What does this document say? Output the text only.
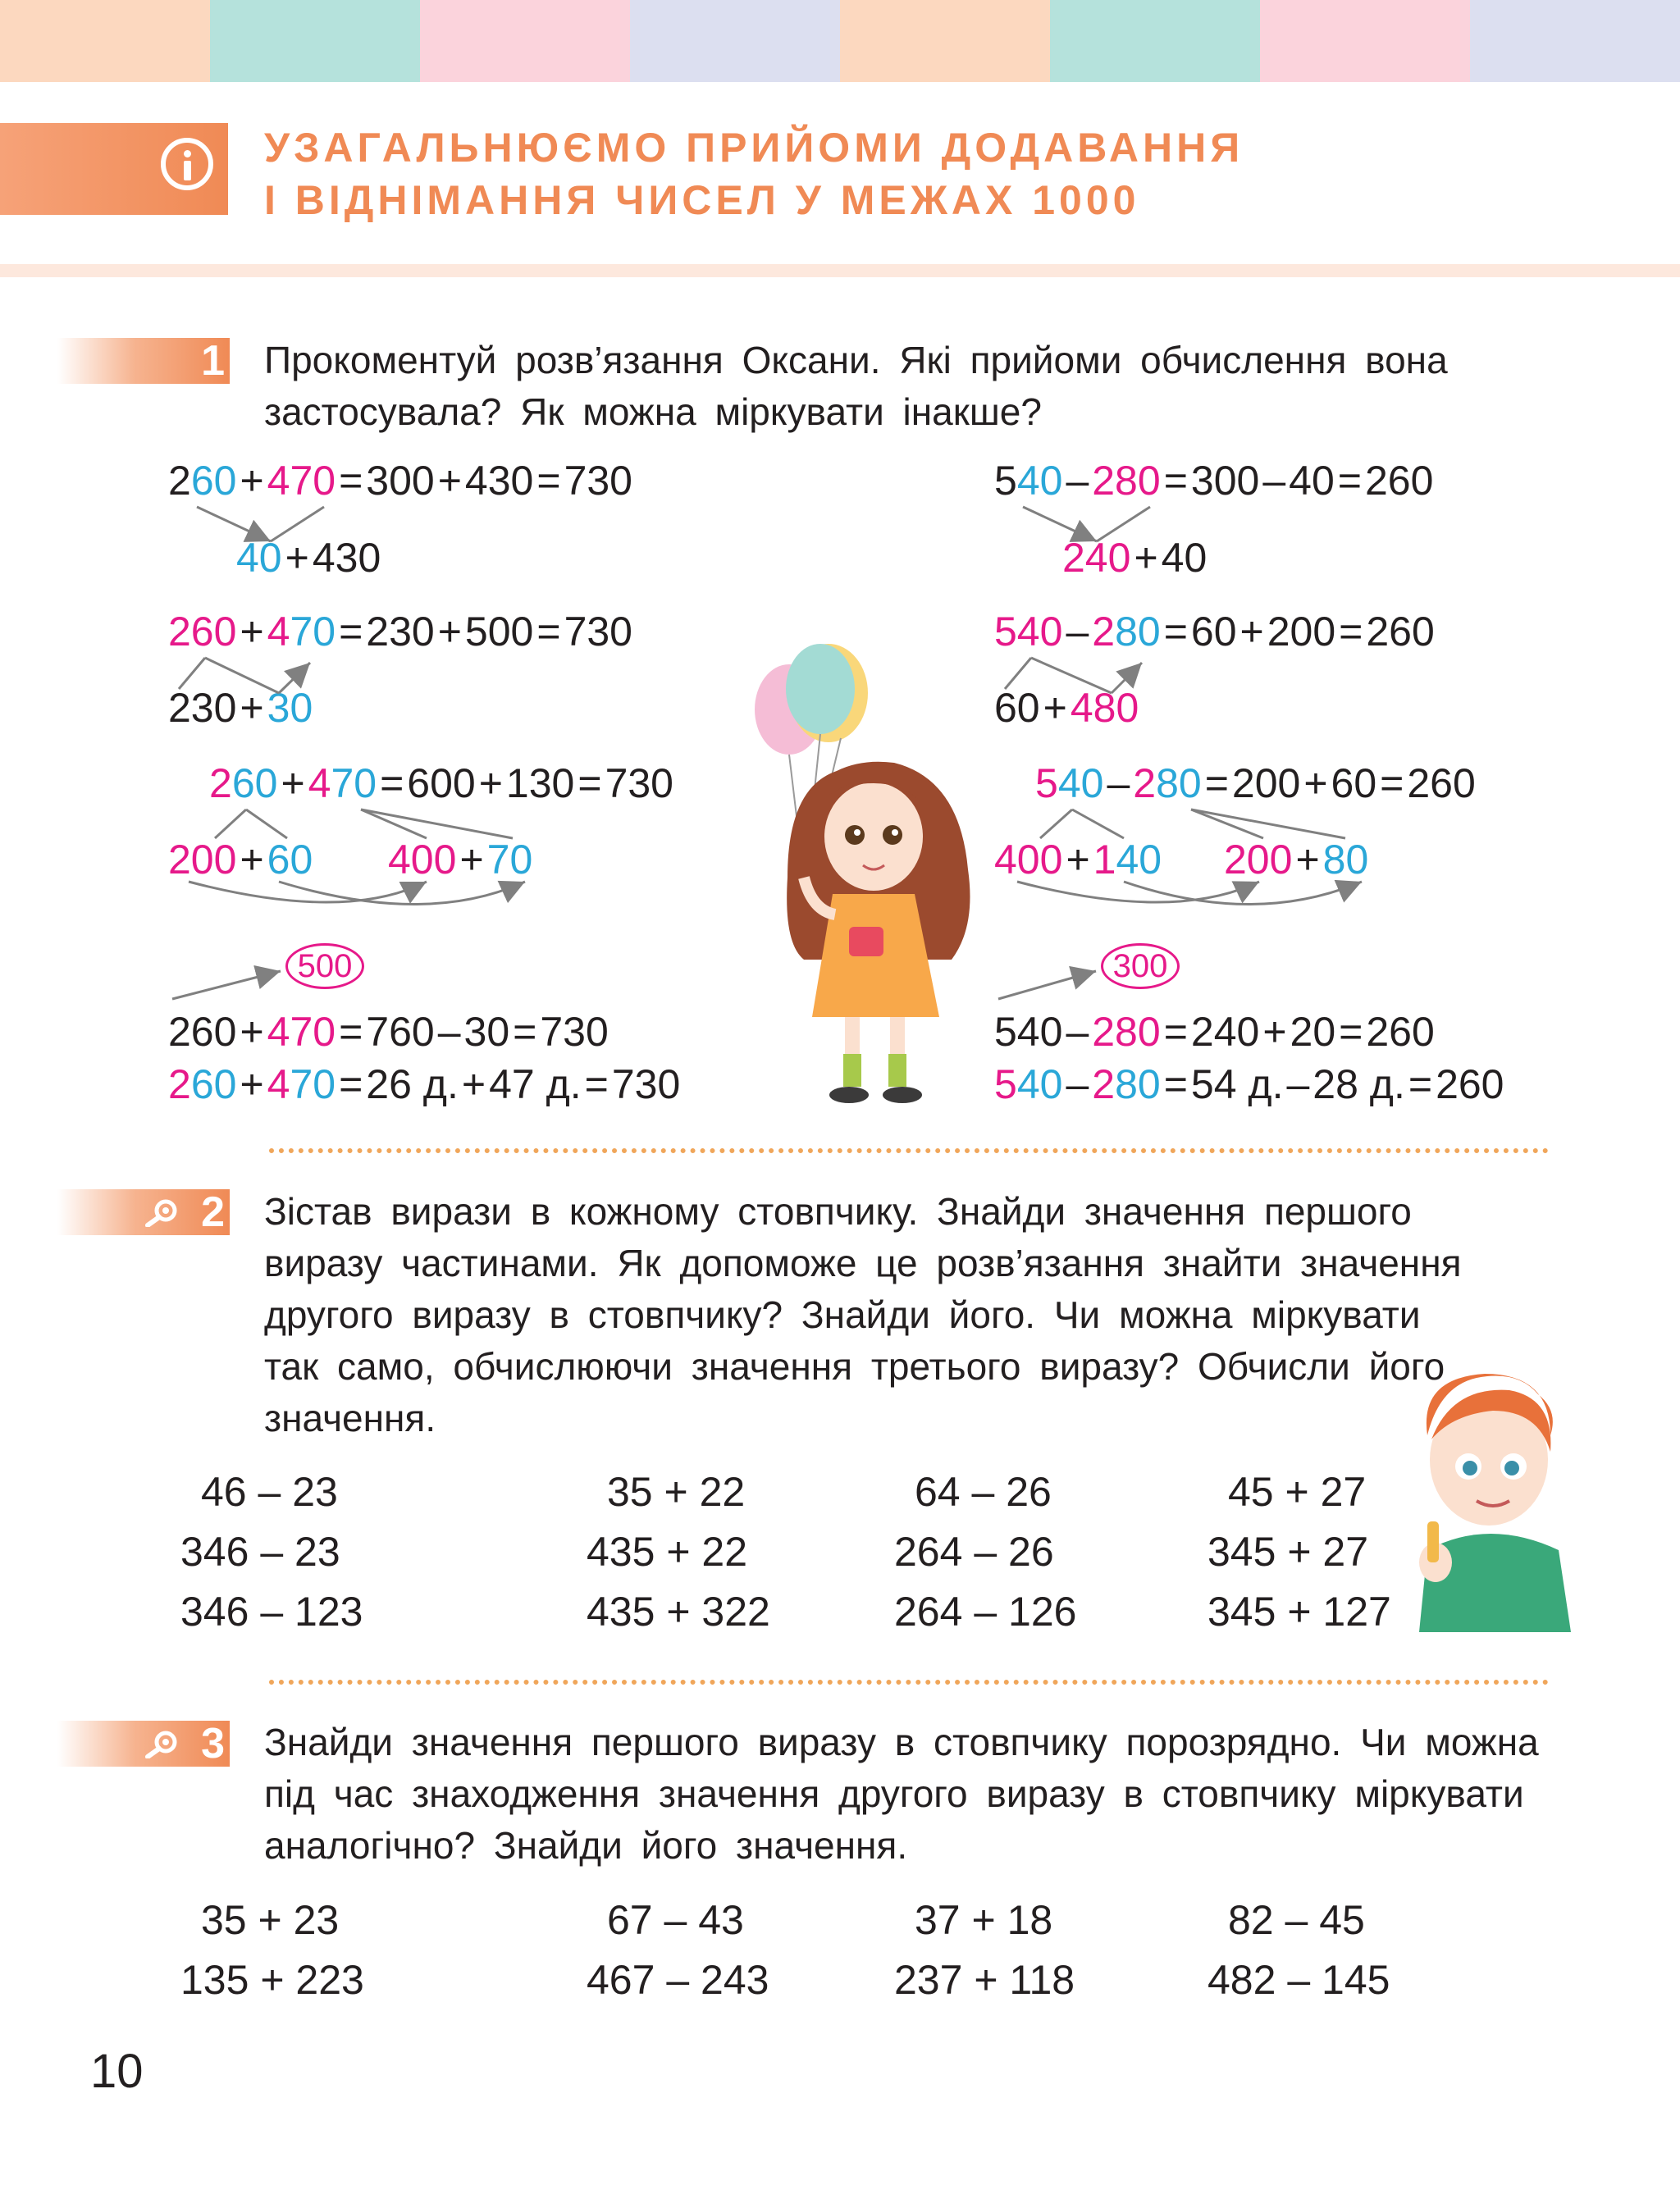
УЗАГАЛЬНЮЄМО ПРИЙОМИ ДОДАВАННЯ
І ВІДНІМАННЯ ЧИСЕЛ У МЕЖАХ 1000
1 Прокоментуй розв’язання Оксани. Які прийоми обчислення вона застосувала? Як можна міркувати інакше?
260+470=300+430=730
40+430
260+470=230+500=730
230+30
260+470=600+130=730
200+60 400+70
500
260+470=760–30=730
260+470=26 д.+47 д.=730
540–280=300–40=260
240+40
540–280=60+200=260
60+480
540–280=200+60=260
400+140 200+80
300
540–280=240+20=260
540–280=54 д.–28 д.=260
2 Зістав вирази в кожному стовпчику. Знайди значення першого виразу частинами. Як допоможе це розв’язання знайти значення другого виразу в стовпчику? Знайди його. Чи можна міркувати так само, обчислюючи значення третього виразу? Обчисли його значення.
46 – 23
346 – 23
346 – 123
35 + 22
435 + 22
435 + 322
64 – 26
264 – 26
264 – 126
45 + 27
345 + 27
345 + 127
3 Знайди значення першого виразу в стовпчику порозрядно. Чи можна під час знаходження значення другого виразу в стовпчику міркувати аналогічно? Знайди його значення.
35 + 23
135 + 223
67 – 43
467 – 243
37 + 18
237 + 118
82 – 45
482 – 145
10
